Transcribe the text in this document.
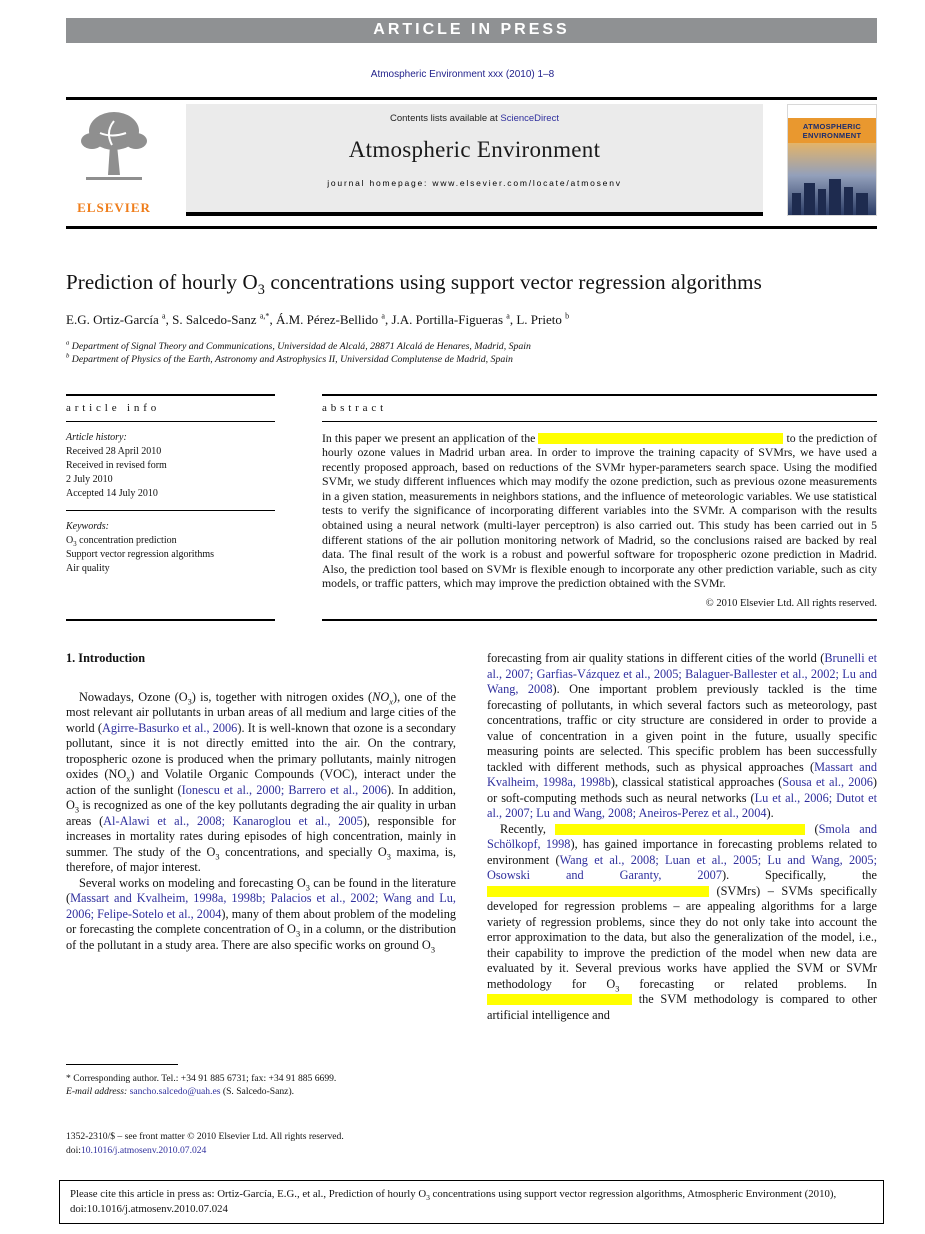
ARTICLE IN PRESS
Atmospheric Environment xxx (2010) 1–8
ELSEVIER
Contents lists available at ScienceDirect
Atmospheric Environment
journal homepage: www.elsevier.com/locate/atmosenv
ATMOSPHERIC
ENVIRONMENT
Prediction of hourly $O_3$ concentrations using support vector regression algorithms
E.G. Ortiz-García $^a$, S. Salcedo-Sanz $^{a,*}$, Á.M. Pérez-Bellido $^a$, J.A. Portilla-Figueras $^a$, L. Prieto $^b$
$^a$ Department of Signal Theory and Communications, Universidad de Alcalá, 28871 Alcalá de Henares, Madrid, Spain
$^b$ Department of Physics of the Earth, Astronomy and Astrophysics II, Universidad Complutense de Madrid, Spain
article info
Article history:
Received 28 April 2010
Received in revised form
2 July 2010
Accepted 14 July 2010
Keywords:
$O_3$ concentration prediction
Support vector regression algorithms
Air quality
abstract
In this paper we present an application of the	to the prediction of hourly ozone values in Madrid urban area. In order to improve the training capacity of SVMrs, we have used a recently proposed approach, based on reductions of the SVMr hyper-parameters search space. Using the modified SVMr, we study different influences which may modify the ozone prediction, such as previous ozone measurements in a given station, measurements in neighbors stations, and the influence of meteorologic variables. We use statistical tests to verify the significance of incorporating different variables into the SVMr. A comparison with the results obtained using a neural network (multi-layer perceptron) is also carried out. This study has been carried out in 5 different stations of the air pollution monitoring network of Madrid, so the conclusions raised are backed by real data. The final result of the work is a robust and powerful software for tropospheric ozone prediction in Madrid. Also, the prediction tool based on SVMr is flexible enough to incorporate any other prediction variable, such as city models, or traffic patters, which may improve the prediction obtained with the SVMr.
© 2010 Elsevier Ltd. All rights reserved.
1. Introduction

Nowadays, Ozone $(O_3)$ is, together with nitrogen oxides $(NO_x)$, one of the most relevant air pollutants in urban areas of all medium and large cities of the world (Agirre-Basurko et al., 2006). It is well-known that ozone is a secondary pollutant, since it is not directly emitted into the air. On the contrary, tropospheric ozone is produced when the primary pollutants, mainly nitrogen oxides $(NO_x)$ and Volatile Organic Compounds (VOC), interact under the action of the sunlight (Ionescu et al., 2000; Barrero et al., 2006). In addition, $O_3$ is recognized as one of the key pollutants degrading the air quality in urban areas (Al-Alawi et al., 2008; Kanaroglou et al., 2005), responsible for increases in mortality rates during episodes of high concentration, mainly in summer. The study of the $O_3$ concentrations, and specially $O_3$ maxima, is, therefore, of major interest.

Several works on modeling and forecasting $O_3$ can be found in the literature (Massart and Kvalheim, 1998a, 1998b; Palacios et al., 2002; Wang and Lu, 2006; Felipe-Sotelo et al., 2004), many of them about problem of the modeling or forecasting the complete concentration of $O_3$ in a column, or the distribution of the pollutant in a study area. There are also specific works on ground $O_3$

forecasting from air quality stations in different cities of the world (Brunelli et al., 2007; Garfias-Vázquez et al., 2005; Balaguer-Ballester et al., 2002; Lu and Wang, 2008). One important problem previously tackled is the time forecasting of pollutants, in which several factors such as meteorology, past concentrations, traffic or city structure are considered in order to provide a value of concentration in a given point in the future, usually specific measuring points are selected. This specific problem has been successfully tackled with different methods, such as physical approaches (Massart and Kvalheim, 1998a, 1998b), classical statistical approaches (Sousa et al., 2006) or soft-computing methods such as neural networks (Lu et al., 2006; Dutot et al., 2007; Lu and Wang, 2008; Aneiros-Perez et al., 2004).

Recently,	(Smola and Schölkopf, 1998), has gained importance in forecasting problems related to environment (Wang et al., 2008; Luan et al., 2005; Lu and Wang, 2005; Osowski and Garanty, 2007). Specifically, the  (SVMrs) – SVMs specifically developed for regression problems – are appealing algorithms for a large variety of regression problems, since they do not only take into account the error approximation to the data, but also the generalization of the model, i.e., their capability to improve the prediction of the model when new data are evaluated by it. Several previous works have applied the SVM or SVMr methodology for $O_3$ forecasting or related problems. In  the SVM methodology is compared to other artificial intelligence and

* Corresponding author. Tel.: +34 91 885 6731; fax: +34 91 885 6699.
E-mail address: sancho.salcedo@uah.es (S. Salcedo-Sanz).
1352-2310/$ – see front matter © 2010 Elsevier Ltd. All rights reserved.
doi:10.1016/j.atmosenv.2010.07.024
Please cite this article in press as: Ortiz-García, E.G., et al., Prediction of hourly $O_3$ concentrations using support vector regression algorithms, Atmospheric Environment (2010), doi:10.1016/j.atmosenv.2010.07.024
